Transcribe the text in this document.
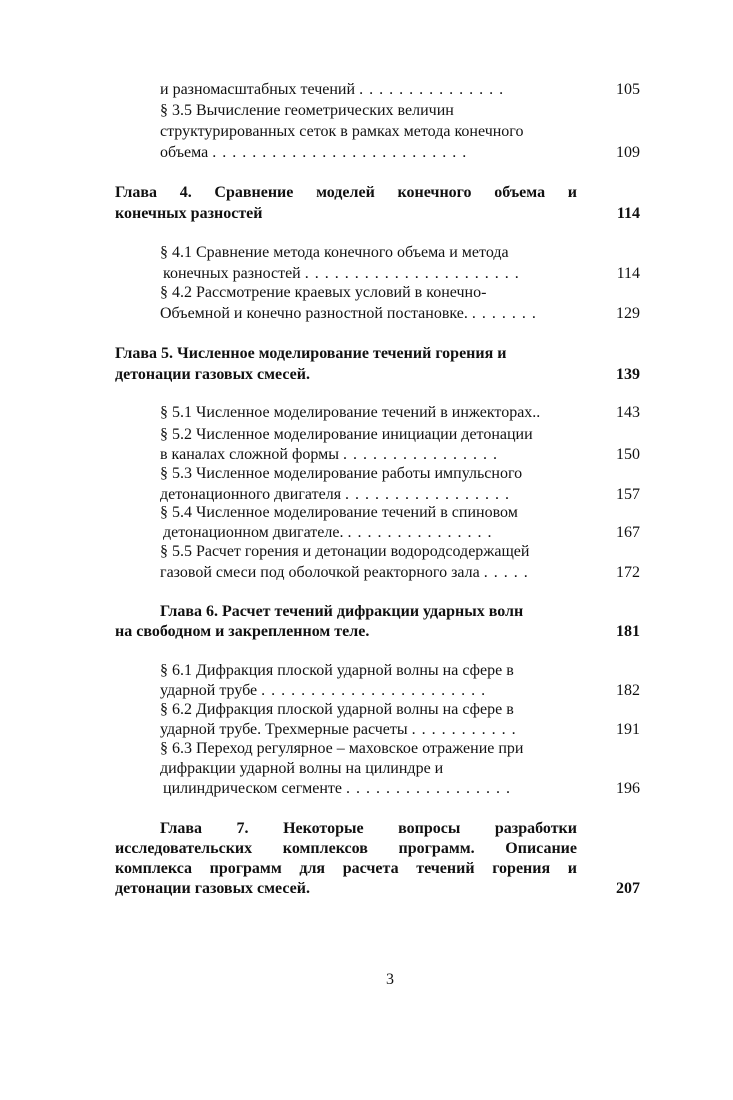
и разномасштабных течений . . . . . . . . . . . . . . .	105
§ 3.5 Вычисление геометрических величин
структурированных сеток в рамках метода конечного
объема . . . . . . . . . . . . . . . . . . . . . . . . . .	109
Глава 4. Сравнение моделей конечного объема и
конечных разностей	114
§ 4.1 Сравнение метода конечного объема и метода
конечных разностей . . . . . . . . . . . . . . . . . . . . . .	114
§ 4.2 Рассмотрение краевых условий в конечно-
Объемной и конечно разностной постановке. . . . . . . .	129
Глава 5. Численное моделирование течений горения и
детонации газовых смесей.	139
§ 5.1 Численное моделирование течений в инжекторах..	143
§ 5.2 Численное моделирование инициации детонации
в каналах сложной формы . . . . . . . . . . . . . . . .	150
§ 5.3 Численное моделирование работы импульсного
детонационного двигателя . . . . . . . . . . . . . . . . .	157
§ 5.4 Численное моделирование течений в спиновом
детонационном двигателе. . . . . . . . . . . . . . . .	167
§ 5.5 Расчет горения и детонации водородсодержащей
газовой смеси под оболочкой реакторного зала . . . . .	172
Глава 6. Расчет течений дифракции ударных волн
на свободном и закрепленном теле.	181
§ 6.1 Дифракция плоской ударной волны на сфере в
ударной трубе . . . . . . . . . . . . . . . . . . . . . . .	182
§ 6.2 Дифракция плоской ударной волны на сфере в
ударной трубе. Трехмерные расчеты . . . . . . . . . . .	191
§ 6.3 Переход регулярное – маховское отражение при
дифракции ударной волны на цилиндре и
цилиндрическом сегменте . . . . . . . . . . . . . . . . .	196
Глава 7. Некоторые вопросы разработки
исследовательских комплексов программ. Описание
комплекса программ для расчета течений горения и
детонации газовых смесей.	207
3
